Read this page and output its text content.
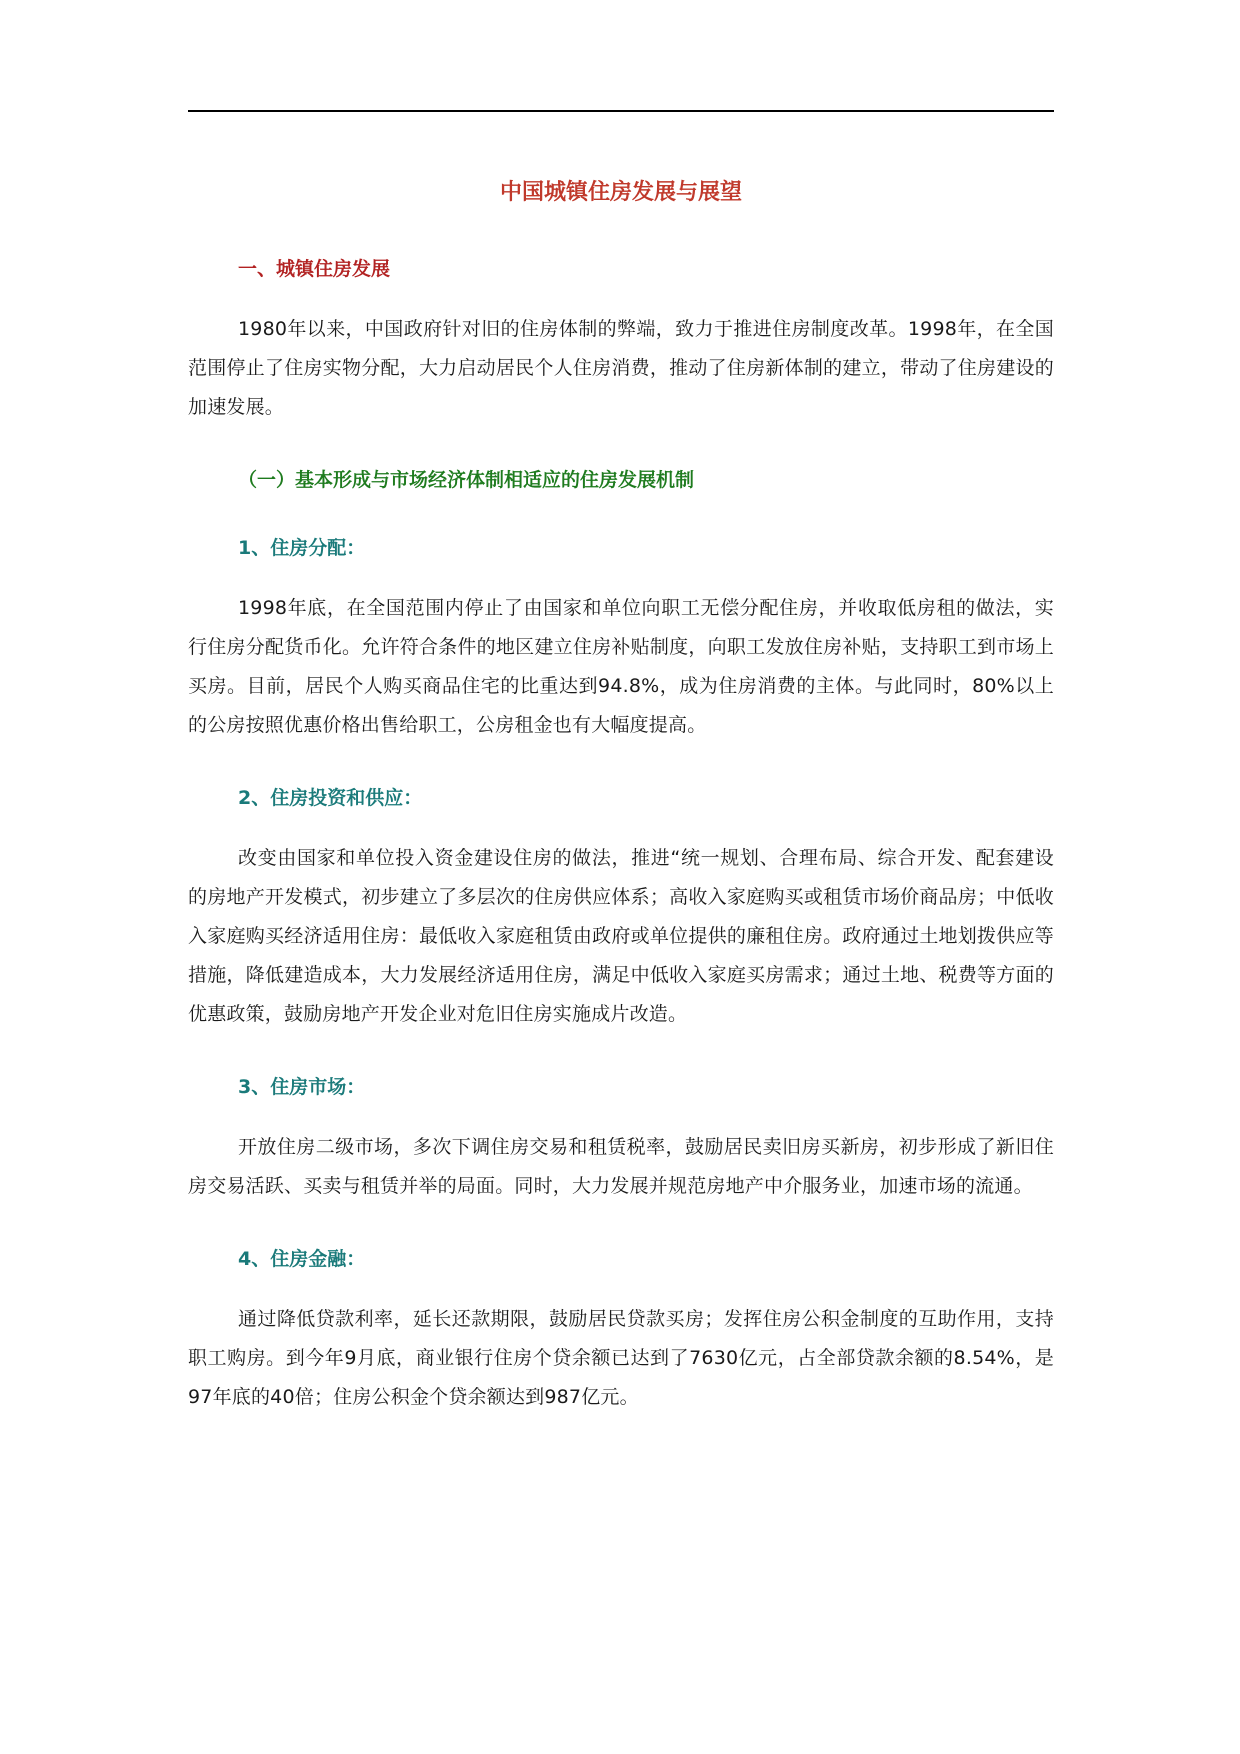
中国城镇住房发展与展望
一、城镇住房发展

1980年以来，中国政府针对旧的住房体制的弊端，致力于推进住房制度改革。1998年，在全国范围停止了住房实物分配，大力启动居民个人住房消费，推动了住房新体制的建立，带动了住房建设的加速发展。

（一）基本形成与市场经济体制相适应的住房发展机制
1、住房分配：

1998年底，在全国范围内停止了由国家和单位向职工无偿分配住房，并收取低房租的做法，实行住房分配货币化。允许符合条件的地区建立住房补贴制度，向职工发放住房补贴，支持职工到市场上买房。目前，居民个人购买商品住宅的比重达到94.8%，成为住房消费的主体。与此同时，80%以上的公房按照优惠价格出售给职工，公房租金也有大幅度提高。

2、住房投资和供应：

改变由国家和单位投入资金建设住房的做法，推进“统一规划、合理布局、综合开发、配套建设的房地产开发模式，初步建立了多层次的住房供应体系；高收入家庭购买或租赁市场价商品房；中低收入家庭购买经济适用住房：最低收入家庭租赁由政府或单位提供的廉租住房。政府通过土地划拨供应等措施，降低建造成本，大力发展经济适用住房，满足中低收入家庭买房需求；通过土地、税费等方面的优惠政策，鼓励房地产开发企业对危旧住房实施成片改造。

3、住房市场：

开放住房二级市场，多次下调住房交易和租赁税率，鼓励居民卖旧房买新房，初步形成了新旧住房交易活跃、买卖与租赁并举的局面。同时，大力发展并规范房地产中介服务业，加速市场的流通。

4、住房金融：

通过降低贷款利率，延长还款期限，鼓励居民贷款买房；发挥住房公积金制度的互助作用，支持职工购房。到今年9月底，商业银行住房个贷余额已达到了7630亿元，占全部贷款余额的8.54%，是97年底的40倍；住房公积金个贷余额达到987亿元。
